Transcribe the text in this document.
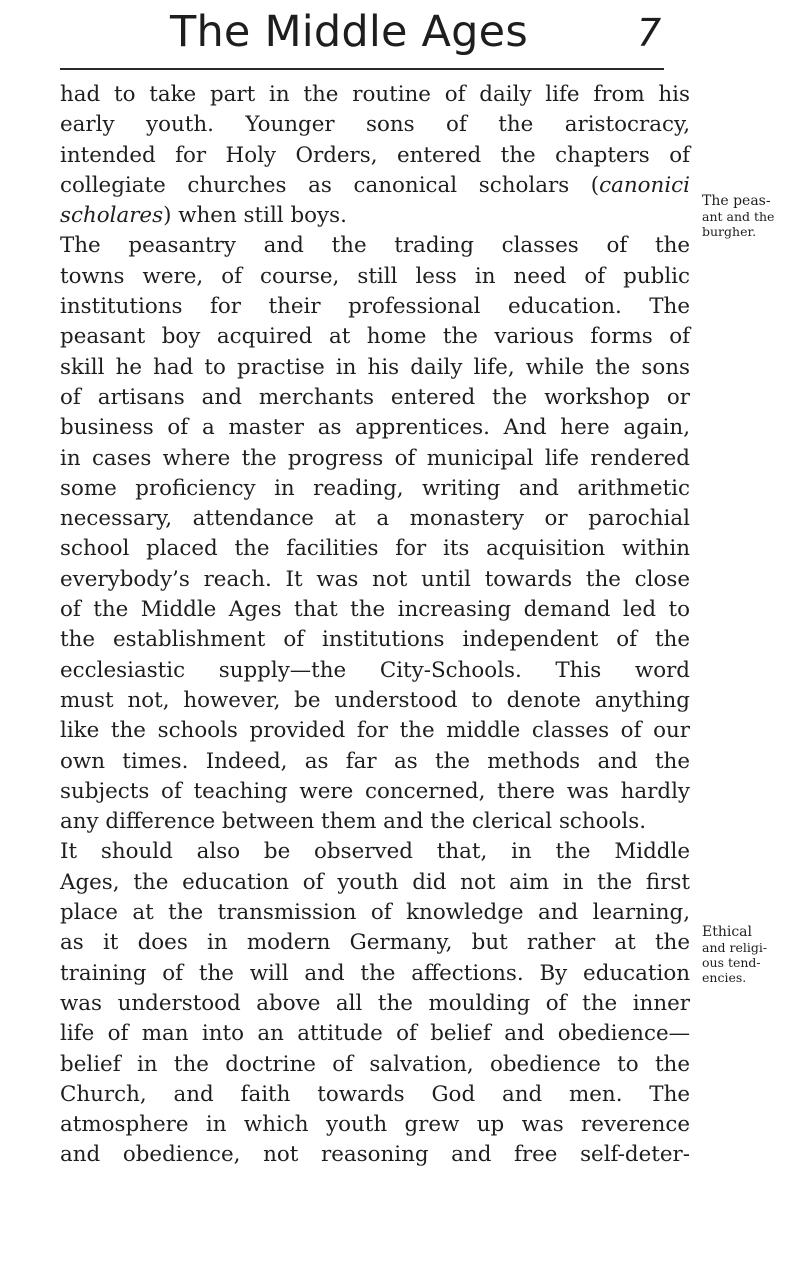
The Middle Ages	7
had to take part in the routine of daily life from his
early youth. Younger sons of the aristocracy,
intended for Holy Orders, entered the chapters of
collegiate churches as canonical scholars (canonici
scholares) when still boys.
The peasantry and the trading classes of the
towns were, of course, still less in need of public
institutions for their professional education. The
peasant boy acquired at home the various forms of
skill he had to practise in his daily life, while the sons
of artisans and merchants entered the workshop or
business of a master as apprentices. And here again,
in cases where the progress of municipal life rendered
some proficiency in reading, writing and arithmetic
necessary, attendance at a monastery or parochial
school placed the facilities for its acquisition within
everybody’s reach. It was not until towards the close
of the Middle Ages that the increasing demand led to
the establishment of institutions independent of the
ecclesiastic supply—the City-Schools. This word
must not, however, be understood to denote anything
like the schools provided for the middle classes of our
own times. Indeed, as far as the methods and the
subjects of teaching were concerned, there was hardly
any difference between them and the clerical schools.
It should also be observed that, in the Middle
Ages, the education of youth did not aim in the first
place at the transmission of knowledge and learning,
as it does in modern Germany, but rather at the
training of the will and the affections. By education
was understood above all the moulding of the inner
life of man into an attitude of belief and obedience—
belief in the doctrine of salvation, obedience to the
Church, and faith towards God and men. The
atmosphere in which youth grew up was reverence
and obedience, not reasoning and free self-deter-
The peas-
ant and the
burgher.
Ethical
and religi-
ous tend-
encies.
